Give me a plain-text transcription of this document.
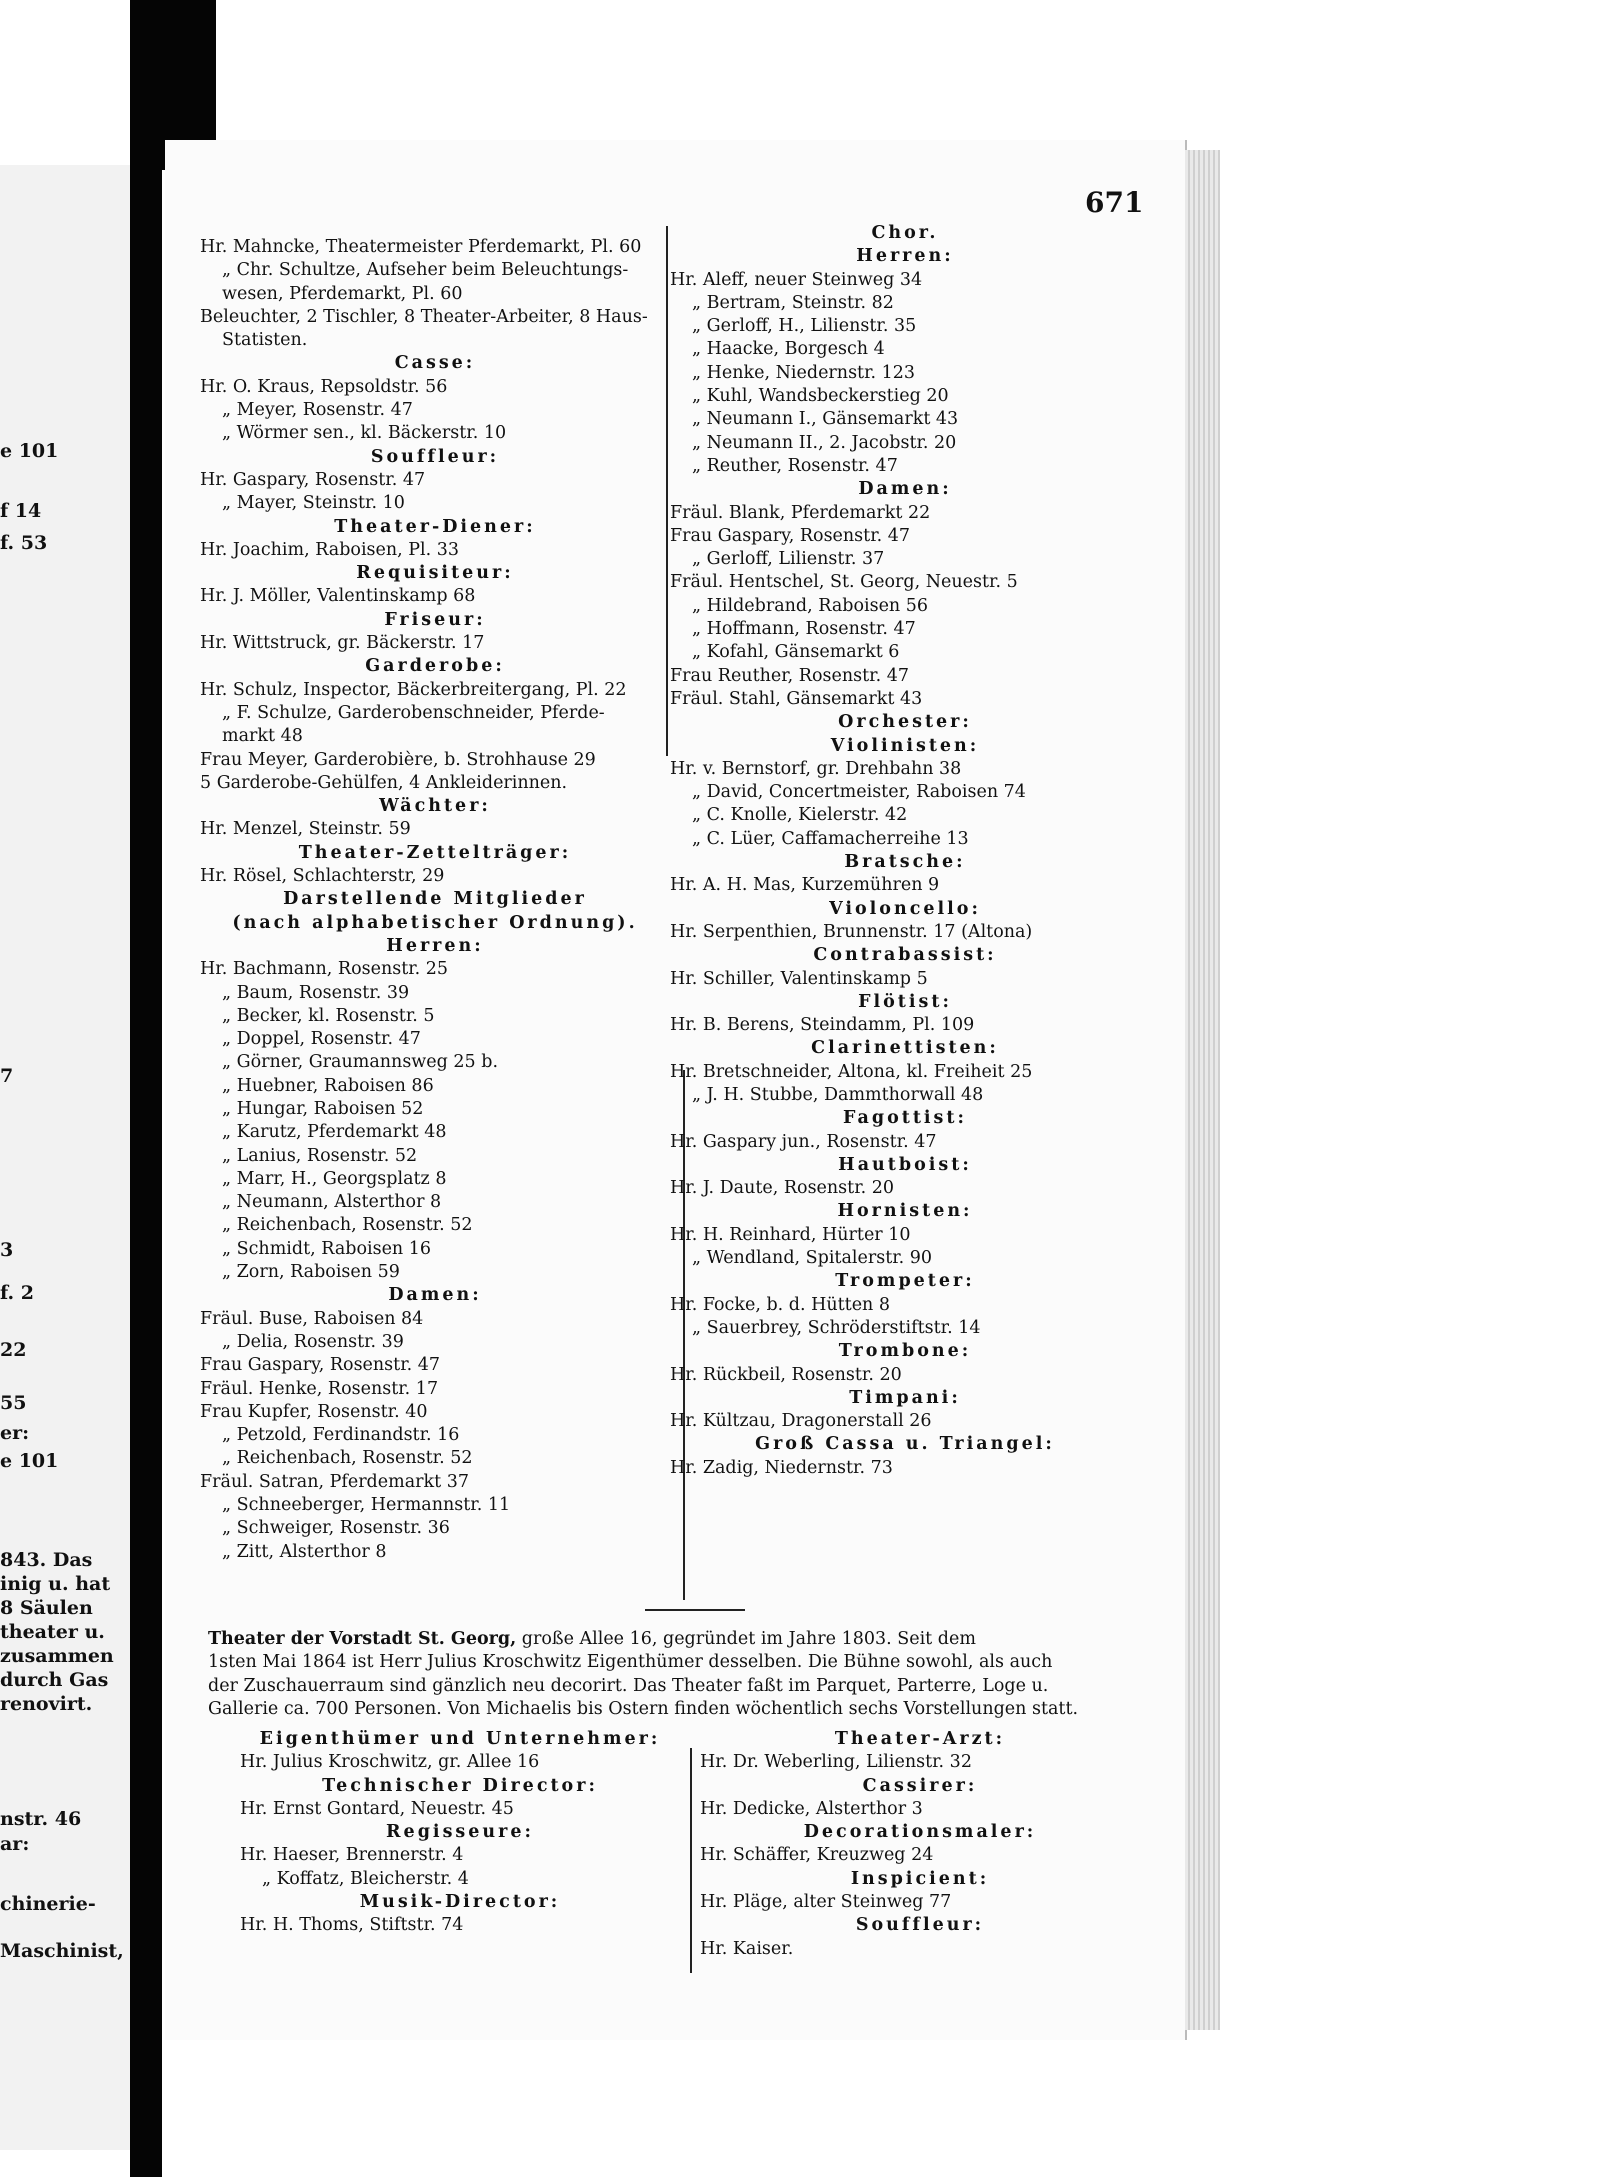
e 101
f 14
f. 53
7
3
f. 2
22
55
er:
e 101
843. Das
inig u. hat
8 Säulen
theater u.
zusammen
durch Gas
renovirt.
nstr. 46
ar:
chinerie-
Maschinist,
671
Hr. Mahncke, Theatermeister Pferdemarkt, Pl. 60
„ Chr. Schultze, Aufseher beim Beleuchtungs-
wesen, Pferdemarkt, Pl. 60
Beleuchter, 2 Tischler, 8 Theater-Arbeiter, 8 Haus-
Statisten.
Casse:
Hr. O. Kraus, Repsoldstr. 56
„ Meyer, Rosenstr. 47
„ Wörmer sen., kl. Bäckerstr. 10
Souffleur:
Hr. Gaspary, Rosenstr. 47
„ Mayer, Steinstr. 10
Theater-Diener:
Hr. Joachim, Raboisen, Pl. 33
Requisiteur:
Hr. J. Möller, Valentinskamp 68
Friseur:
Hr. Wittstruck, gr. Bäckerstr. 17
Garderobe:
Hr. Schulz, Inspector, Bäckerbreitergang, Pl. 22
„ F. Schulze, Garderobenschneider, Pferde-
markt 48
Frau Meyer, Garderobière, b. Strohhause 29
5 Garderobe-Gehülfen, 4 Ankleiderinnen.
Wächter:
Hr. Menzel, Steinstr. 59
Theater-Zettelträger:
Hr. Rösel, Schlachterstr, 29
Darstellende Mitglieder
(nach alphabetischer Ordnung).
Herren:
Hr. Bachmann, Rosenstr. 25
„ Baum, Rosenstr. 39
„ Becker, kl. Rosenstr. 5
„ Doppel, Rosenstr. 47
„ Görner, Graumannsweg 25 b.
„ Huebner, Raboisen 86
„ Hungar, Raboisen 52
„ Karutz, Pferdemarkt 48
„ Lanius, Rosenstr. 52
„ Marr, H., Georgsplatz 8
„ Neumann, Alsterthor 8
„ Reichenbach, Rosenstr. 52
„ Schmidt, Raboisen 16
„ Zorn, Raboisen 59
Damen:
Fräul. Buse, Raboisen 84
„ Delia, Rosenstr. 39
Frau Gaspary, Rosenstr. 47
Fräul. Henke, Rosenstr. 17
Frau Kupfer, Rosenstr. 40
„ Petzold, Ferdinandstr. 16
„ Reichenbach, Rosenstr. 52
Fräul. Satran, Pferdemarkt 37
„ Schneeberger, Hermannstr. 11
„ Schweiger, Rosenstr. 36
„ Zitt, Alsterthor 8
Chor.
Herren:
Hr. Aleff, neuer Steinweg 34
„ Bertram, Steinstr. 82
„ Gerloff, H., Lilienstr. 35
„ Haacke, Borgesch 4
„ Henke, Niedernstr. 123
„ Kuhl, Wandsbeckerstieg 20
„ Neumann I., Gänsemarkt 43
„ Neumann II., 2. Jacobstr. 20
„ Reuther, Rosenstr. 47
Damen:
Fräul. Blank, Pferdemarkt 22
Frau Gaspary, Rosenstr. 47
„ Gerloff, Lilienstr. 37
Fräul. Hentschel, St. Georg, Neuestr. 5
„ Hildebrand, Raboisen 56
„ Hoffmann, Rosenstr. 47
„ Kofahl, Gänsemarkt 6
Frau Reuther, Rosenstr. 47
Fräul. Stahl, Gänsemarkt 43
Orchester:
Violinisten:
Hr. v. Bernstorf, gr. Drehbahn 38
„ David, Concertmeister, Raboisen 74
„ C. Knolle, Kielerstr. 42
„ C. Lüer, Caffamacherreihe 13
Bratsche:
Hr. A. H. Mas, Kurzemühren 9
Violoncello:
Hr. Serpenthien, Brunnenstr. 17 (Altona)
Contrabassist:
Hr. Schiller, Valentinskamp 5
Flötist:
Hr. B. Berens, Steindamm, Pl. 109
Clarinettisten:
Hr. Bretschneider, Altona, kl. Freiheit 25
„ J. H. Stubbe, Dammthorwall 48
Fagottist:
Hr. Gaspary jun., Rosenstr. 47
Hautboist:
Hr. J. Daute, Rosenstr. 20
Hornisten:
Hr. H. Reinhard, Hürter 10
„ Wendland, Spitalerstr. 90
Trompeter:
Hr. Focke, b. d. Hütten 8
„ Sauerbrey, Schröderstiftstr. 14
Trombone:
Hr. Rückbeil, Rosenstr. 20
Timpani:
Hr. Kültzau, Dragonerstall 26
Groß Cassa u. Triangel:
Hr. Zadig, Niedernstr. 73
Theater der Vorstadt St. Georg, große Allee 16, gegründet im Jahre 1803. Seit dem
1sten Mai 1864 ist Herr Julius Kroschwitz Eigenthümer desselben. Die Bühne sowohl, als auch
der Zuschauerraum sind gänzlich neu decorirt. Das Theater faßt im Parquet, Parterre, Loge u.
Gallerie ca. 700 Personen. Von Michaelis bis Ostern finden wöchentlich sechs Vorstellungen statt.
Eigenthümer und Unternehmer:
Hr. Julius Kroschwitz, gr. Allee 16
Technischer Director:
Hr. Ernst Gontard, Neuestr. 45
Regisseure:
Hr. Haeser, Brennerstr. 4
„ Koffatz, Bleicherstr. 4
Musik-Director:
Hr. H. Thoms, Stiftstr. 74
Theater-Arzt:
Hr. Dr. Weberling, Lilienstr. 32
Cassirer:
Hr. Dedicke, Alsterthor 3
Decorationsmaler:
Hr. Schäffer, Kreuzweg 24
Inspicient:
Hr. Pläge, alter Steinweg 77
Souffleur:
Hr. Kaiser.
